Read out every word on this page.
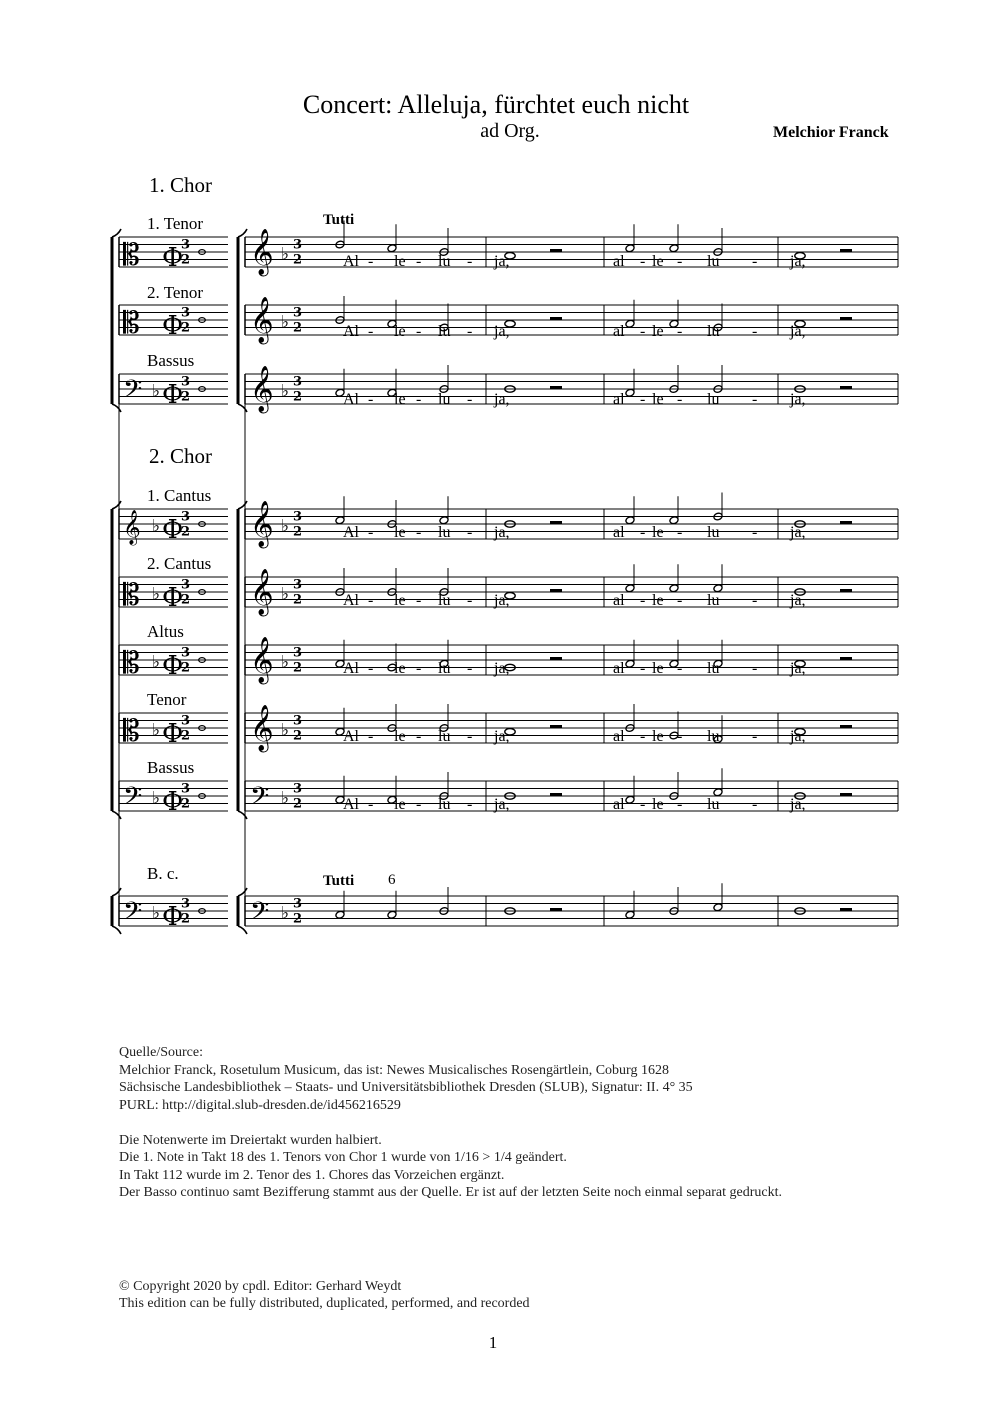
Concert: Alleluja, fürchtet euch nicht
ad Org.	Melchior Franck
1. Chor
1. Tenor
2. Tenor
Bassus
2. Chor
1. Cantus
2. Cantus
Altus
Tenor
Bassus
B. c.
Tutti
Tutti 6
Al - le - lu - ja,	al - le - lu - ja,
Al - le - lu - ja,	al - le - lu - ja,
Al - le - lu - ja,	al - le - lu - ja,
Al - le - lu - ja,	al - le - lu - ja,
Al - le - lu - ja,	al - le - lu - ja,
Al - le - lu - ja,	al - le - lu - ja,
Al - le - lu - ja,	al - le - lu - ja,
Al - le - lu - ja,	al - le - lu - ja,
𝄡 Φ
3
2 𝄞 ♭ 3
2
𝄡 Φ
3
2 𝄞 ♭ 3
2
𝄢 ♭ Φ
3
2 𝄞 ♭ 3
2
𝄞 ♭ Φ
3
2 𝄞 ♭ 3
2
𝄡 ♭ Φ
3
2 𝄞 ♭ 3
2
𝄡 ♭ Φ
3
2 𝄞 ♭ 3
2
𝄡 ♭ Φ
3
2 𝄞 ♭ 3
2
𝄢 ♭ Φ
3
2 𝄢 ♭ 3
2
𝄢 ♭ Φ
3
2 𝄢 ♭ 3
2
Quelle/Source:
Melchior Franck, Rosetulum Musicum, das ist: Newes Musicalisches Rosengärtlein, Coburg 1628
Sächsische Landesbibliothek – Staats- und Universitätsbibliothek Dresden (SLUB), Signatur: II. 4° 35
PURL: http://digital.slub-dresden.de/id456216529
Die Notenwerte im Dreiertakt wurden halbiert.
Die 1. Note in Takt 18 des 1. Tenors von Chor 1 wurde von 1/16 > 1/4 geändert.
In Takt 112 wurde im 2. Tenor des 1. Chores das Vorzeichen ergänzt.
Der Basso continuo samt Bezifferung stammt aus der Quelle. Er ist auf der letzten Seite noch einmal separat gedruckt.
© Copyright 2020 by cpdl. Editor: Gerhard Weydt
This edition can be fully distributed, duplicated, performed, and recorded
1
